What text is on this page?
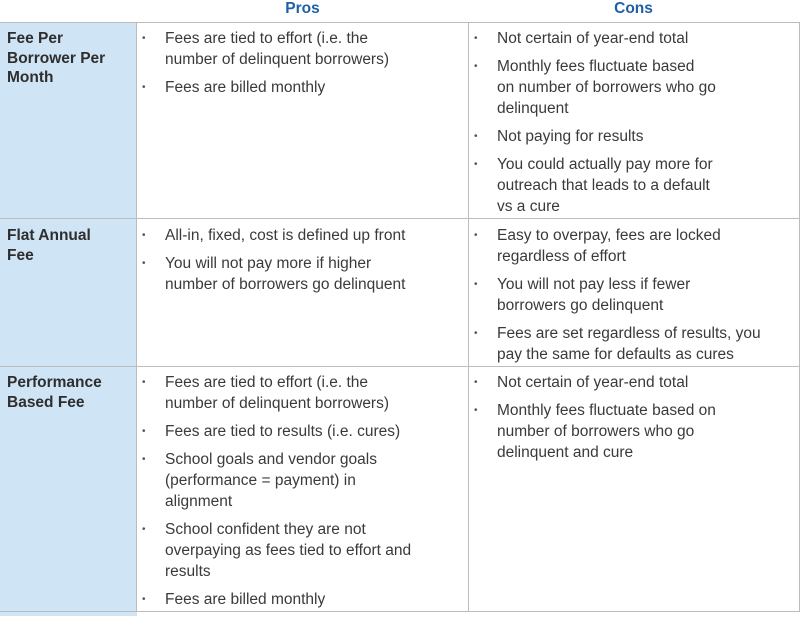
Pros	Cons
Fee Per
Borrower Per
Month
• Fees are tied to effort (i.e. the
number of delinquent borrowers)
• Fees are billed monthly
• Not certain of year-end total
• Monthly fees fluctuate based
on number of borrowers who go
delinquent
• Not paying for results
• You could actually pay more for
outreach that leads to a default
vs a cure
Flat Annual
Fee
• All-in, fixed, cost is defined up front
• You will not pay more if higher
number of borrowers go delinquent
• Easy to overpay, fees are locked
regardless of effort
• You will not pay less if fewer
borrowers go delinquent
• Fees are set regardless of results, you
pay the same for defaults as cures
Performance
Based Fee
• Fees are tied to effort (i.e. the
number of delinquent borrowers)
• Fees are tied to results (i.e. cures)
• School goals and vendor goals
(performance = payment) in
alignment
• School confident they are not
overpaying as fees tied to effort and
results
• Fees are billed monthly
• Not certain of year-end total
• Monthly fees fluctuate based on
number of borrowers who go
delinquent and cure
